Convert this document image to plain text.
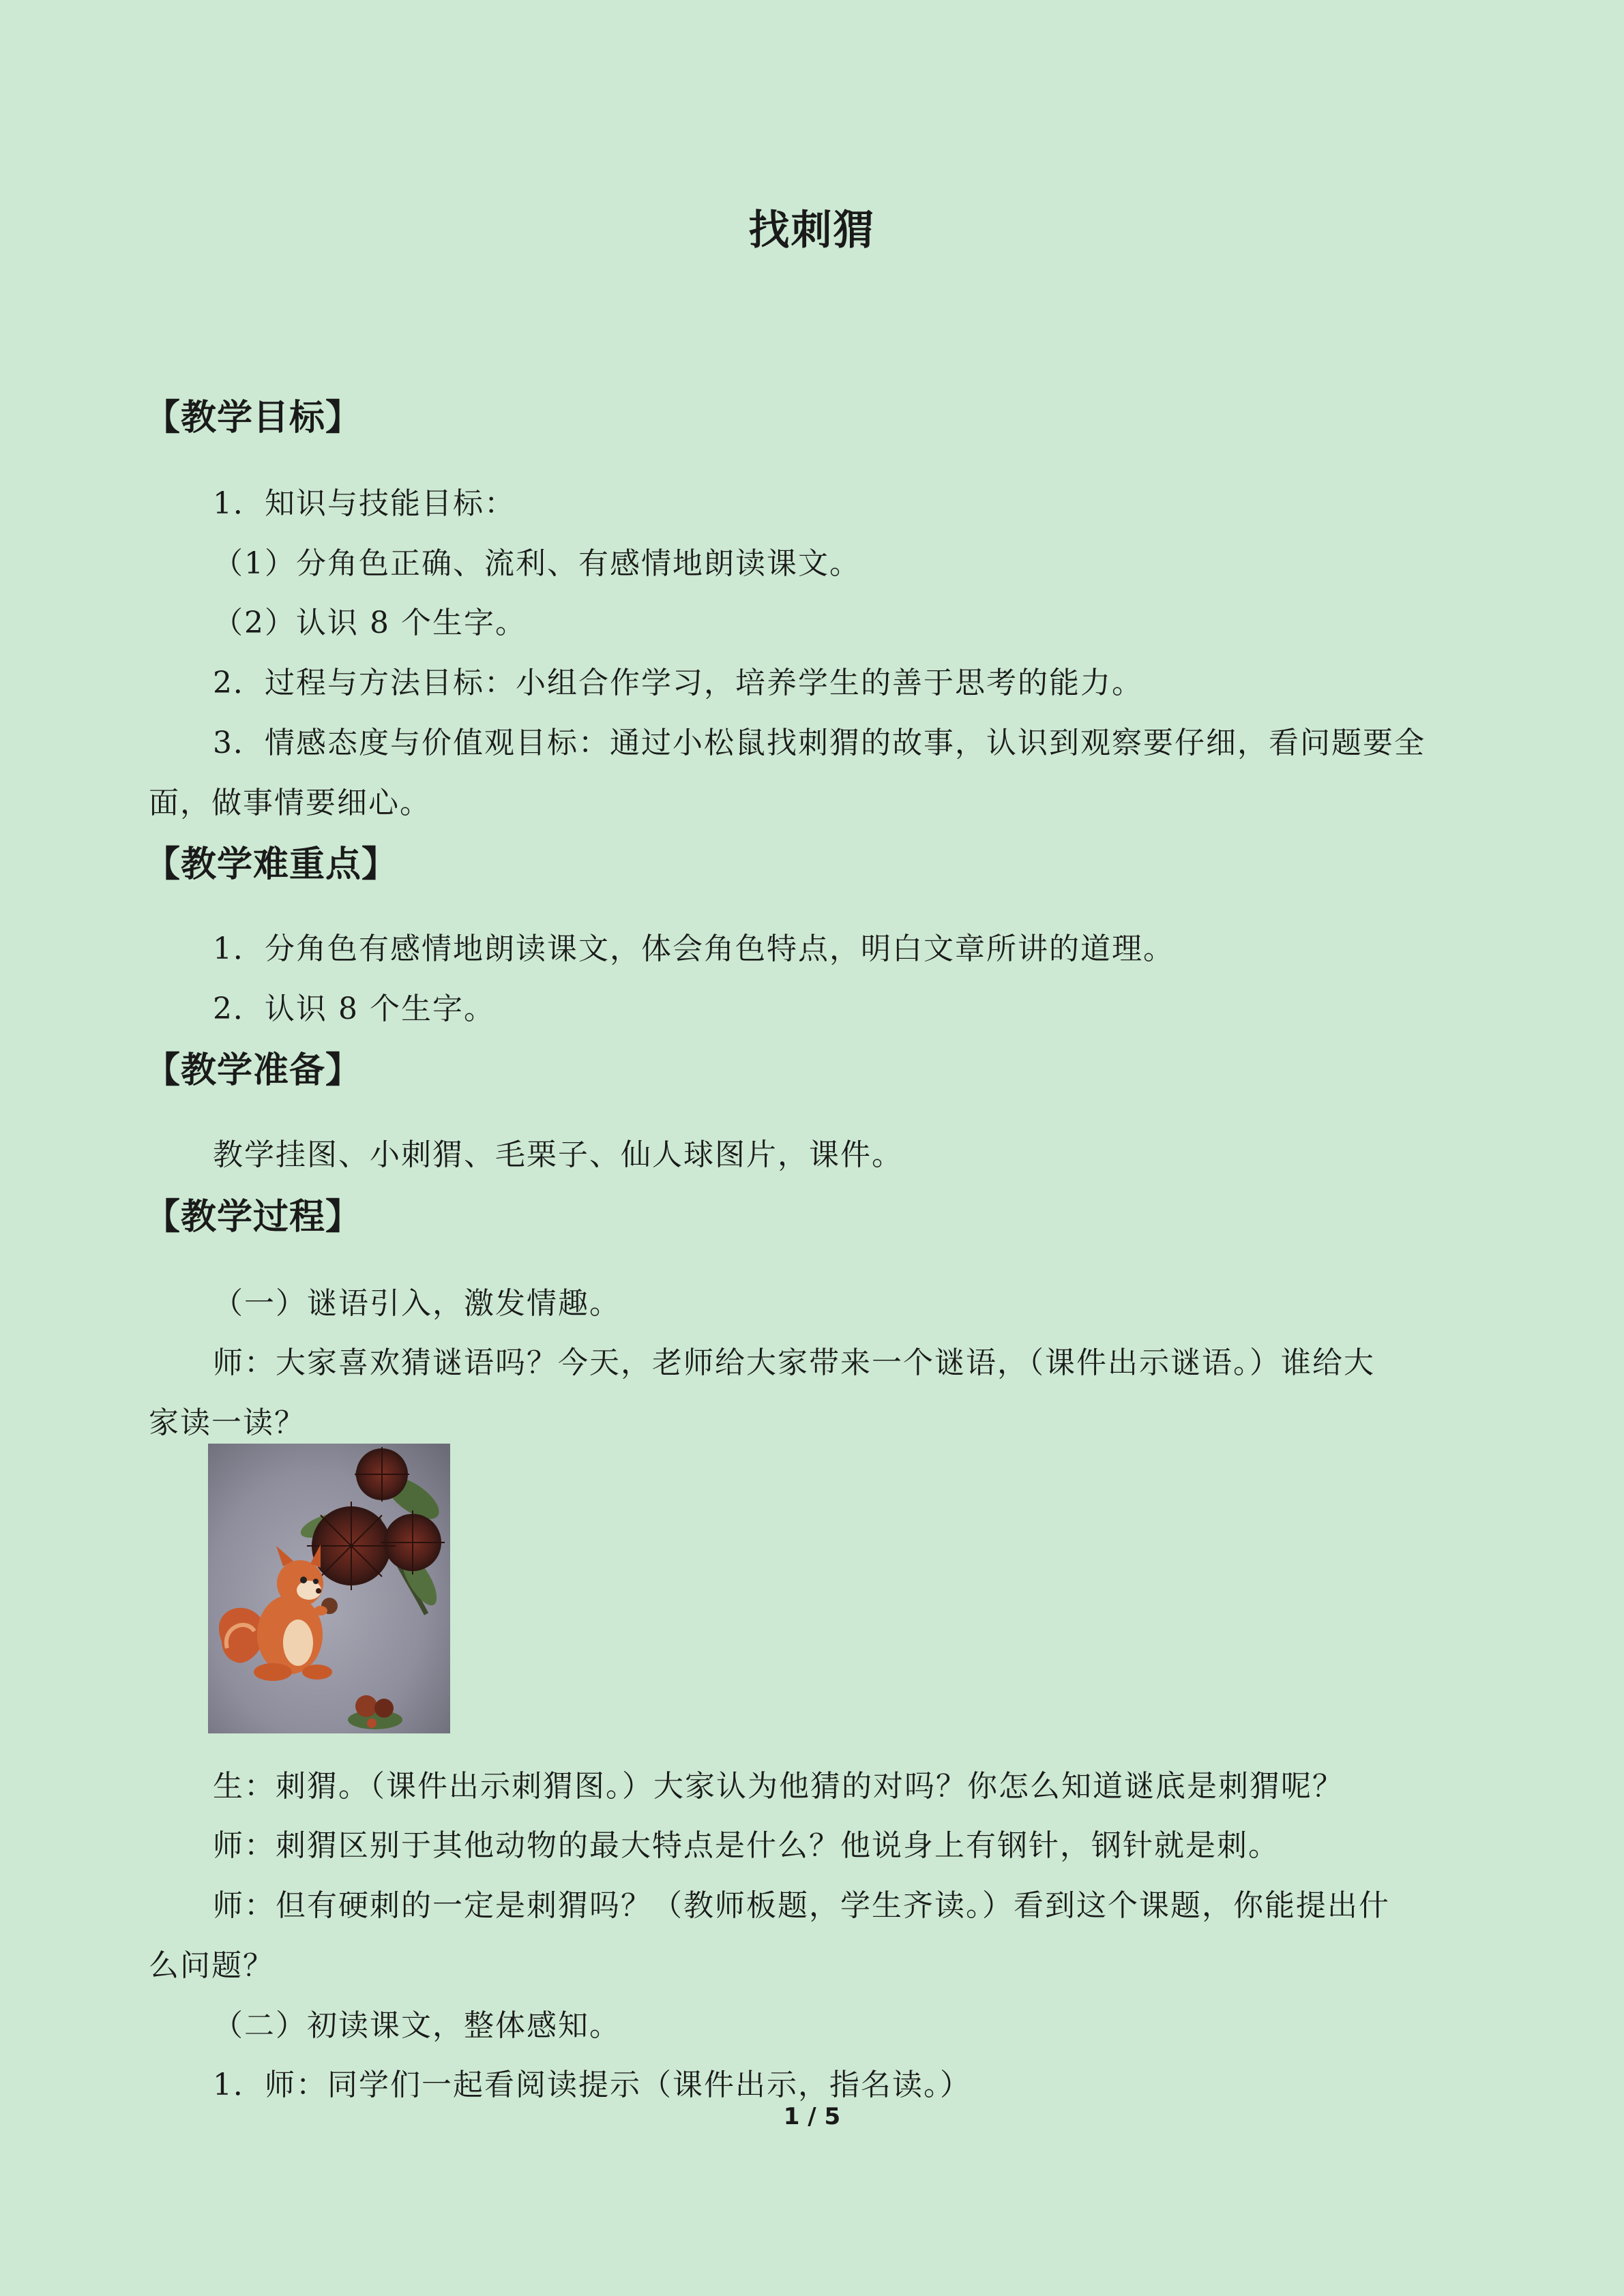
找刺猬
【教学目标】
1．知识与技能目标：
（1）分角色正确、流利、有感情地朗读课文。
（2）认识 8 个生字。
2．过程与方法目标：小组合作学习，培养学生的善于思考的能力。
3．情感态度与价值观目标：通过小松鼠找刺猬的故事，认识到观察要仔细，看问题要全
面，做事情要细心。
【教学难重点】
1．分角色有感情地朗读课文，体会角色特点，明白文章所讲的道理。
2．认识 8 个生字。
【教学准备】
教学挂图、小刺猬、毛栗子、仙人球图片，课件。
【教学过程】
（一）谜语引入，激发情趣。
师：大家喜欢猜谜语吗？今天，老师给大家带来一个谜语，（课件出示谜语。）谁给大
家读一读？
生：刺猬。（课件出示刺猬图。）大家认为他猜的对吗？你怎么知道谜底是刺猬呢？
师：刺猬区别于其他动物的最大特点是什么？他说身上有钢针，钢针就是刺。
师：但有硬刺的一定是刺猬吗？（教师板题，学生齐读。）看到这个课题，你能提出什
么问题？
（二）初读课文，整体感知。
1．师：同学们一起看阅读提示（课件出示，指名读。）
1 / 5
